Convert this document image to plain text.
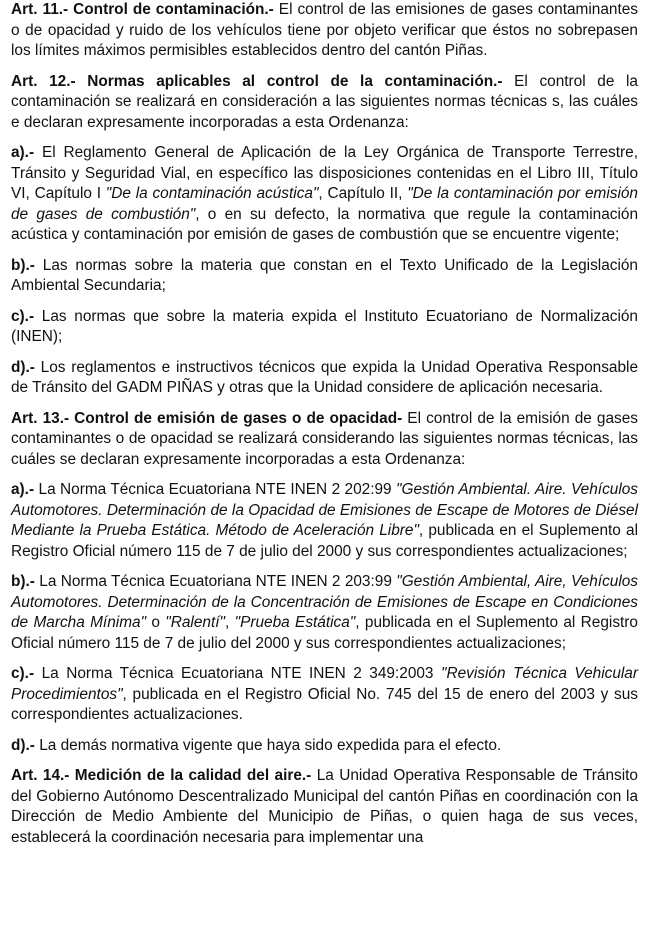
Art. 11.- Control de contaminación.- El control de las emisiones de gases contaminantes o de opacidad y ruido de los vehículos tiene por objeto verificar que éstos no sobrepasen los límites máximos permisibles establecidos dentro del cantón Piñas.

Art. 12.- Normas aplicables al control de la contaminación.- El control de la contaminación se realizará en consideración a las siguientes normas técnicas s, las cuáles e declaran expresamente incorporadas a esta Ordenanza:

a).- El Reglamento General de Aplicación de la Ley Orgánica de Transporte Terrestre, Tránsito y Seguridad Vial, en específico las disposiciones contenidas en el Libro III, Título VI, Capítulo I "De la contaminación acústica", Capítulo II, "De la contaminación por emisión de gases de combustión", o en su defecto, la normativa que regule la contaminación acústica y contaminación por emisión de gases de combustión que se encuentre vigente;

b).- Las normas sobre la materia que constan en el Texto Unificado de la Legislación Ambiental Secundaria;

c).- Las normas que sobre la materia expida el Instituto Ecuatoriano de Normalización (INEN);

d).- Los reglamentos e instructivos técnicos que expida la Unidad Operativa Responsable de Tránsito del GADM PIÑAS y otras que la Unidad considere de aplicación necesaria.

Art. 13.- Control de emisión de gases o de opacidad- El control de la emisión de gases contaminantes o de opacidad se realizará considerando las siguientes normas técnicas, las cuáles se declaran expresamente incorporadas a esta Ordenanza:

a).- La Norma Técnica Ecuatoriana NTE INEN 2 202:99 "Gestión Ambiental. Aire. Vehículos Automotores. Determinación de la Opacidad de Emisiones de Escape de Motores de Diésel Mediante la Prueba Estática. Método de Aceleración Libre", publicada en el Suplemento al Registro Oficial número 115 de 7 de julio del 2000 y sus correspondientes actualizaciones;

b).- La Norma Técnica Ecuatoriana NTE INEN 2 203:99 "Gestión Ambiental, Aire, Vehículos Automotores. Determinación de la Concentración de Emisiones de Escape en Condiciones de Marcha Mínima" o "Ralentí", "Prueba Estática", publicada en el Suplemento al Registro Oficial número 115 de 7 de julio del 2000 y sus correspondientes actualizaciones;

c).- La Norma Técnica Ecuatoriana NTE INEN 2 349:2003 "Revisión Técnica Vehicular Procedimientos", publicada en el Registro Oficial No. 745 del 15 de enero del 2003 y sus correspondientes actualizaciones.

d).- La demás normativa vigente que haya sido expedida para el efecto.

Art. 14.- Medición de la calidad del aire.- La Unidad Operativa Responsable de Tránsito del Gobierno Autónomo Descentralizado Municipal del cantón Piñas en coordinación con la Dirección de Medio Ambiente del Municipio de Piñas, o quien haga de sus veces, establecerá la coordinación necesaria para implementar una
